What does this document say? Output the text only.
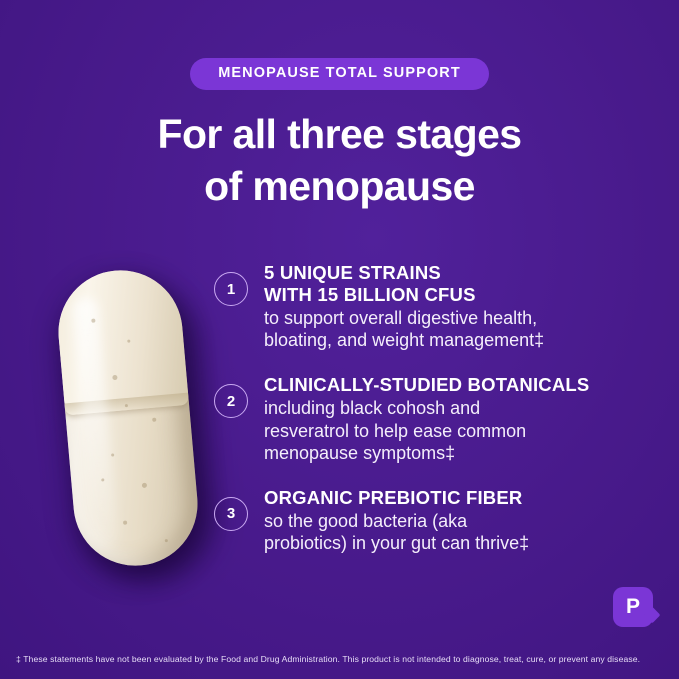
MENOPAUSE TOTAL SUPPORT
For all three stages
of menopause
1
5 UNIQUE STRAINS
WITH 15 BILLION CFUS
to support overall digestive health,
bloating, and weight management‡
2
CLINICALLY-STUDIED BOTANICALS
including black cohosh and
resveratrol to help ease common
menopause symptoms‡
3
ORGANIC PREBIOTIC FIBER
so the good bacteria (aka
probiotics) in your gut can thrive‡
P
‡ These statements have not been evaluated by the Food and Drug Administration. This product is not intended to diagnose, treat, cure, or prevent any disease.
